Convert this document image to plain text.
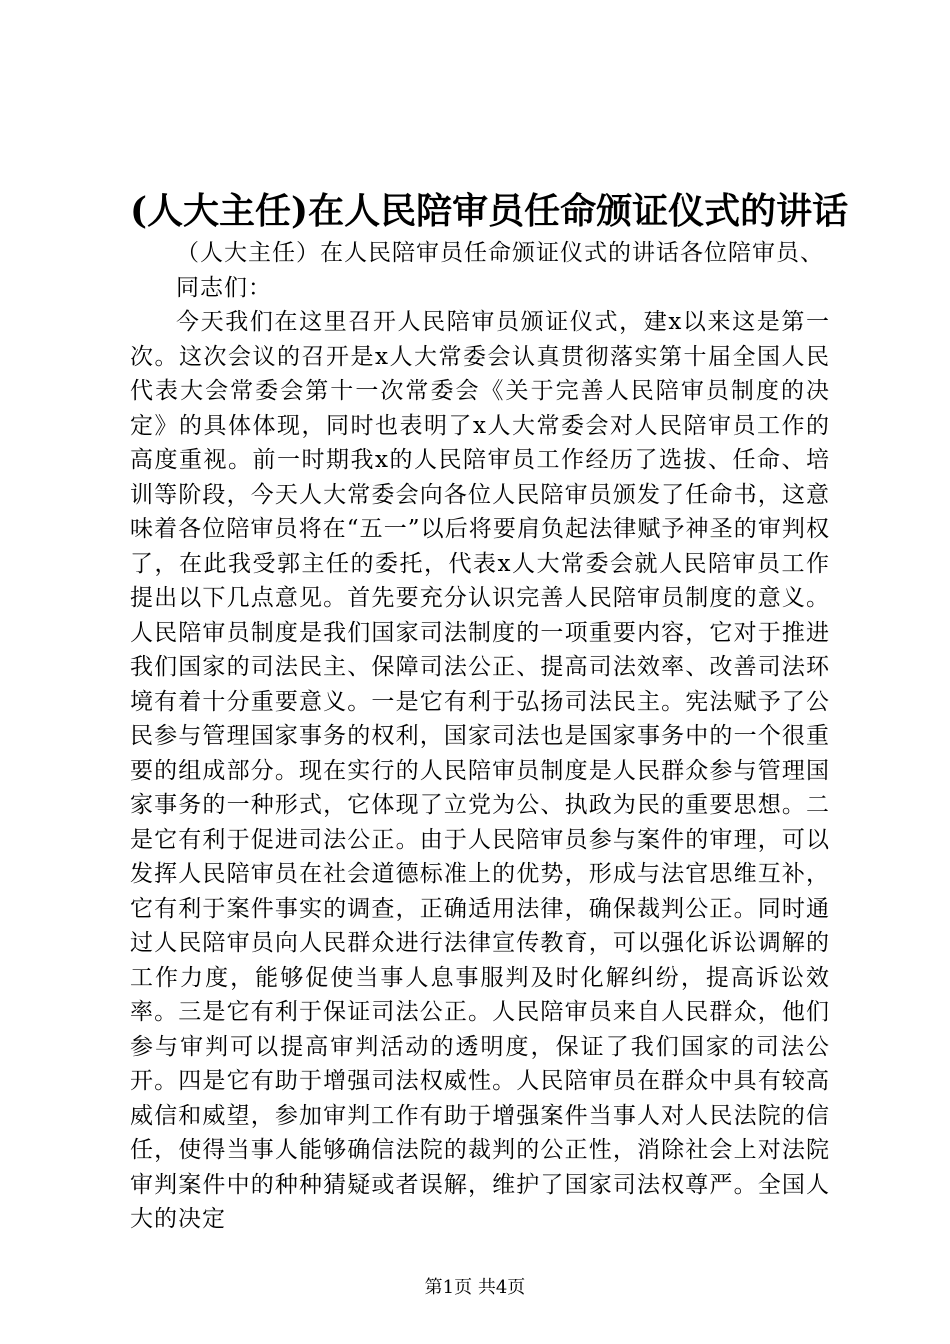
(人大主任)在人民陪审员任命颁证仪式的讲话

（人大主任）在人民陪审员任命颁证仪式的讲话各位陪审员、

同志们：

今天我们在这里召开人民陪审员颁证仪式，建x以来这是第一次。这次会议的召开是x人大常委会认真贯彻落实第十届全国人民代表大会常委会第十一次常委会《关于完善人民陪审员制度的决定》的具体体现，同时也表明了x人大常委会对人民陪审员工作的高度重视。前一时期我x的人民陪审员工作经历了选拔、任命、培训等阶段，今天人大常委会向各位人民陪审员颁发了任命书，这意味着各位陪审员将在“五一”以后将要肩负起法律赋予神圣的审判权了，在此我受郭主任的委托，代表x人大常委会就人民陪审员工作提出以下几点意见。首先要充分认识完善人民陪审员制度的意义。人民陪审员制度是我们国家司法制度的一项重要内容，它对于推进我们国家的司法民主、保障司法公正、提高司法效率、改善司法环境有着十分重要意义。一是它有利于弘扬司法民主。宪法赋予了公民参与管理国家事务的权利，国家司法也是国家事务中的一个很重要的组成部分。现在实行的人民陪审员制度是人民群众参与管理国家事务的一种形式，它体现了立党为公、执政为民的重要思想。二是它有利于促进司法公正。由于人民陪审员参与案件的审理，可以发挥人民陪审员在社会道德标准上的优势，形成与法官思维互补，它有利于案件事实的调查，正确适用法律，确保裁判公正。同时通过人民陪审员向人民群众进行法律宣传教育，可以强化诉讼调解的工作力度，能够促使当事人息事服判及时化解纠纷，提高诉讼效率。三是它有利于保证司法公正。人民陪审员来自人民群众，他们参与审判可以提高审判活动的透明度，保证了我们国家的司法公开。四是它有助于增强司法权威性。人民陪审员在群众中具有较高威信和威望，参加审判工作有助于增强案件当事人对人民法院的信任，使得当事人能够确信法院的裁判的公正性，消除社会上对法院审判案件中的种种猜疑或者误解，维护了国家司法权尊严。全国人大的决定

第1页 共4页
